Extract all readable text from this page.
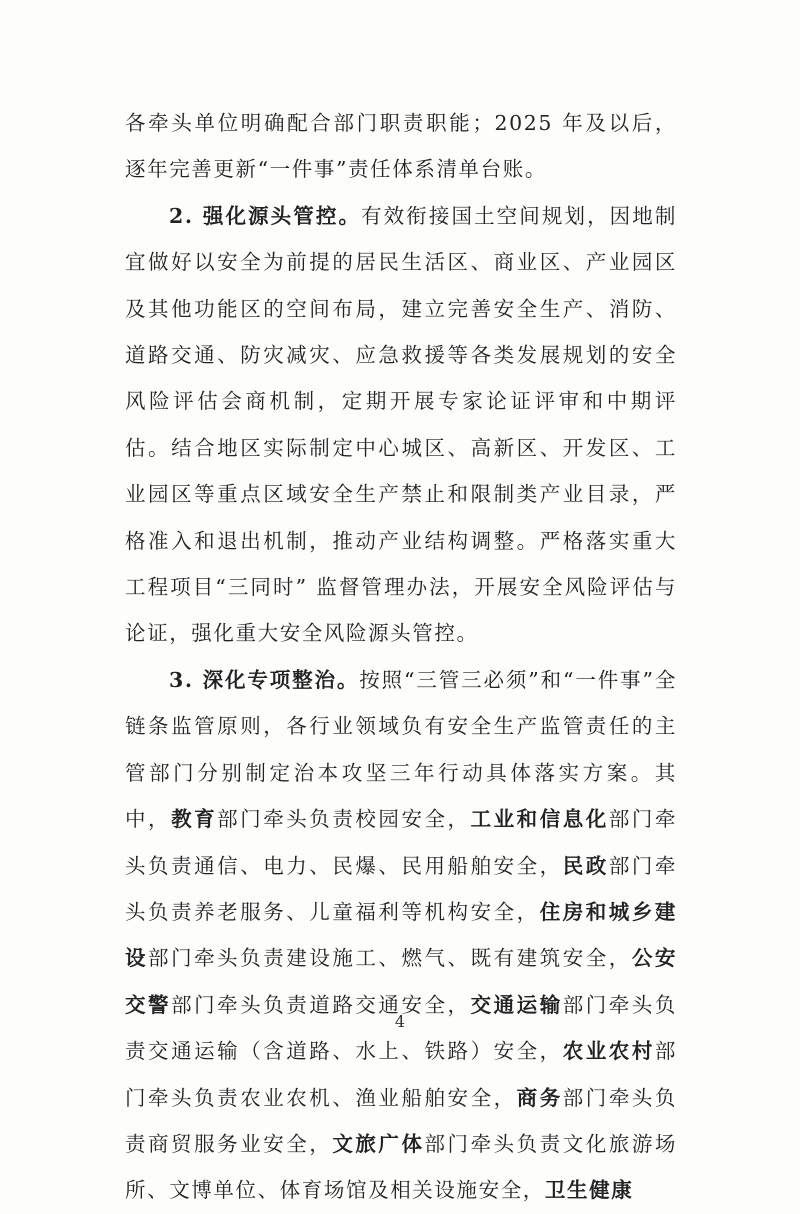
各牵头单位明确配合部门职责职能；2025 年及以后，逐年完善更新“一件事”责任体系清单台账。

2. 强化源头管控。有效衔接国土空间规划，因地制宜做好以安全为前提的居民生活区、商业区、产业园区及其他功能区的空间布局，建立完善安全生产、消防、道路交通、防灾减灾、应急救援等各类发展规划的安全风险评估会商机制，定期开展专家论证评审和中期评估。结合地区实际制定中心城区、高新区、开发区、工业园区等重点区域安全生产禁止和限制类产业目录，严格准入和退出机制，推动产业结构调整。严格落实重大工程项目“三同时” 监督管理办法，开展安全风险评估与论证，强化重大安全风险源头管控。

3. 深化专项整治。按照“三管三必须”和“一件事”全链条监管原则，各行业领域负有安全生产监管责任的主管部门分别制定治本攻坚三年行动具体落实方案。其中，教育部门牵头负责校园安全，工业和信息化部门牵头负责通信、电力、民爆、民用船舶安全，民政部门牵头负责养老服务、儿童福利等机构安全，住房和城乡建设部门牵头负责建设施工、燃气、既有建筑安全，公安交警部门牵头负责道路交通安全，交通运输部门牵头负责交通运输（含道路、水上、铁路）安全，农业农村部门牵头负责农业农机、渔业船舶安全，商务部门牵头负责商贸服务业安全，文旅广体部门牵头负责文化旅游场所、文博单位、体育场馆及相关设施安全，卫生健康

4
